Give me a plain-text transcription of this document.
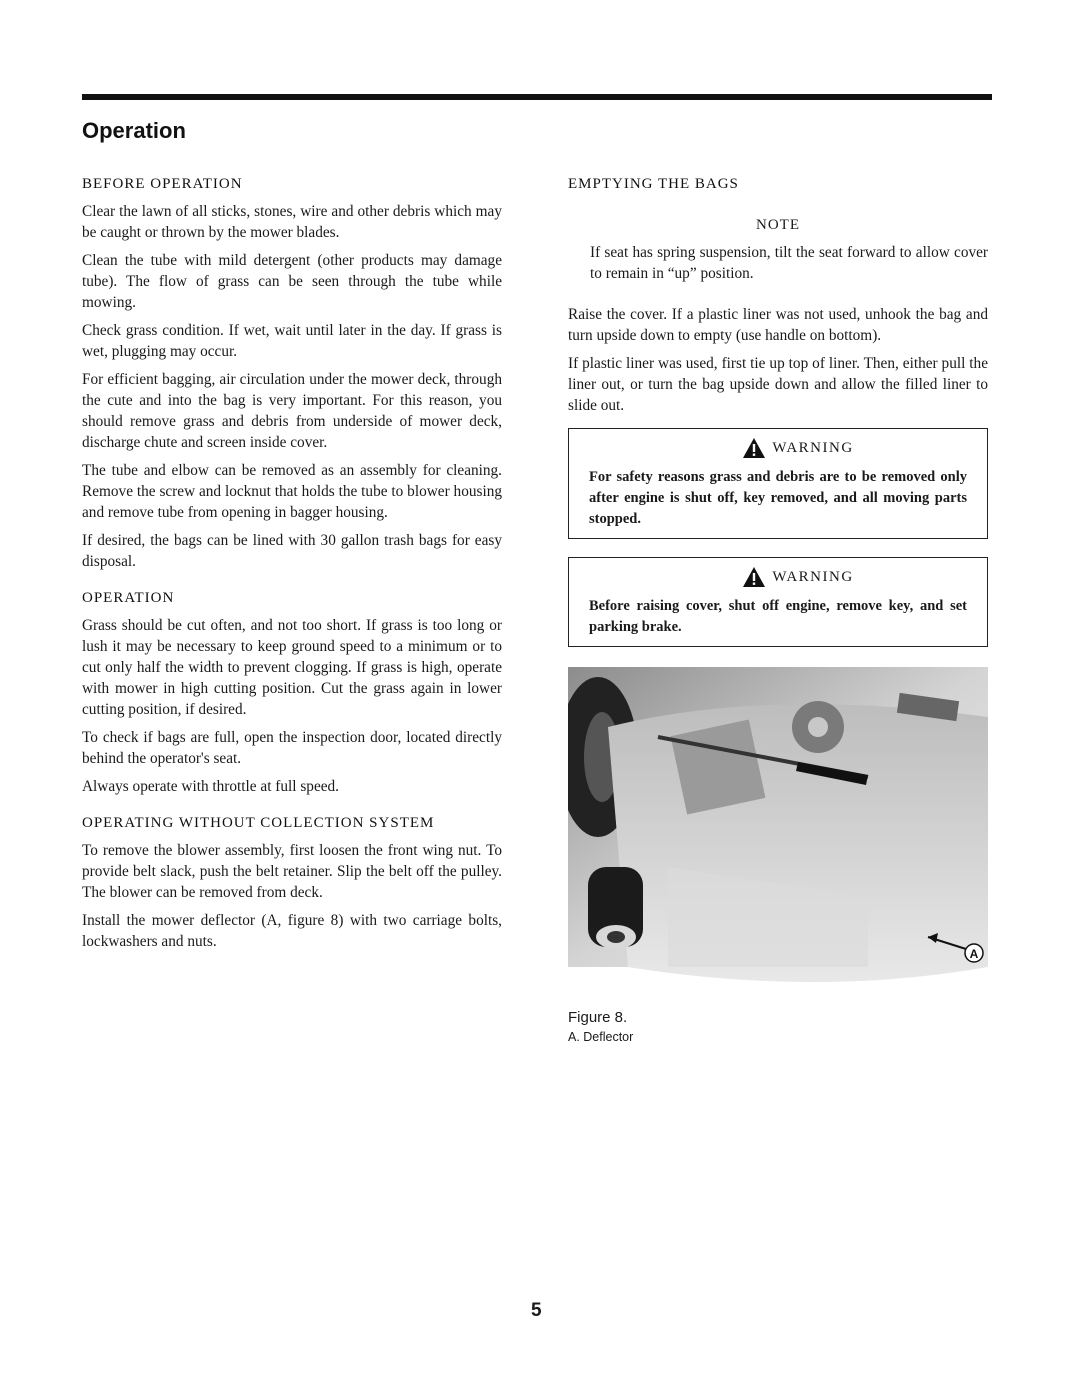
Operation
BEFORE OPERATION

Clear the lawn of all sticks, stones, wire and other debris which may be caught or thrown by the mower blades.

Clean the tube with mild detergent (other products may damage tube). The flow of grass can be seen through the tube while mowing.

Check grass condition. If wet, wait until later in the day. If grass is wet, plugging may occur.

For efficient bagging, air circulation under the mower deck, through the cute and into the bag is very important. For this reason, you should remove grass and debris from underside of mower deck, discharge chute and screen inside cover.

The tube and elbow can be removed as an assembly for cleaning. Remove the screw and locknut that holds the tube to blower housing and remove tube from opening in bagger housing.

If desired, the bags can be lined with 30 gallon trash bags for easy disposal.

OPERATION

Grass should be cut often, and not too short. If grass is too long or lush it may be necessary to keep ground speed to a minimum or to cut only half the width to prevent clogging. If grass is high, operate with mower in high cutting position. Cut the grass again in lower cutting position, if desired.

To check if bags are full, open the inspection door, located directly behind the operator's seat.

Always operate with throttle at full speed.

OPERATING WITHOUT COLLECTION SYSTEM

To remove the blower assembly, first loosen the front wing nut. To provide belt slack, push the belt retainer. Slip the belt off the pulley. The blower can be removed from deck.

Install the mower deflector (A, figure 8) with two carriage bolts, lockwashers and nuts.

EMPTYING THE BAGS
NOTE

If seat has spring suspension, tilt the seat forward to allow cover to remain in “up” position.

Raise the cover. If a plastic liner was not used, unhook the bag and turn upside down to empty (use handle on bottom).

If plastic liner was used, first tie up top of liner. Then, either pull the liner out, or turn the bag upside down and allow the filled liner to slide out.

WARNING

For safety reasons grass and debris are to be removed only after engine is shut off, key removed, and all moving parts stopped.

WARNING

Before raising cover, shut off engine, remove key, and set parking brake.

A
Figure 8.
A. Deflector
5
